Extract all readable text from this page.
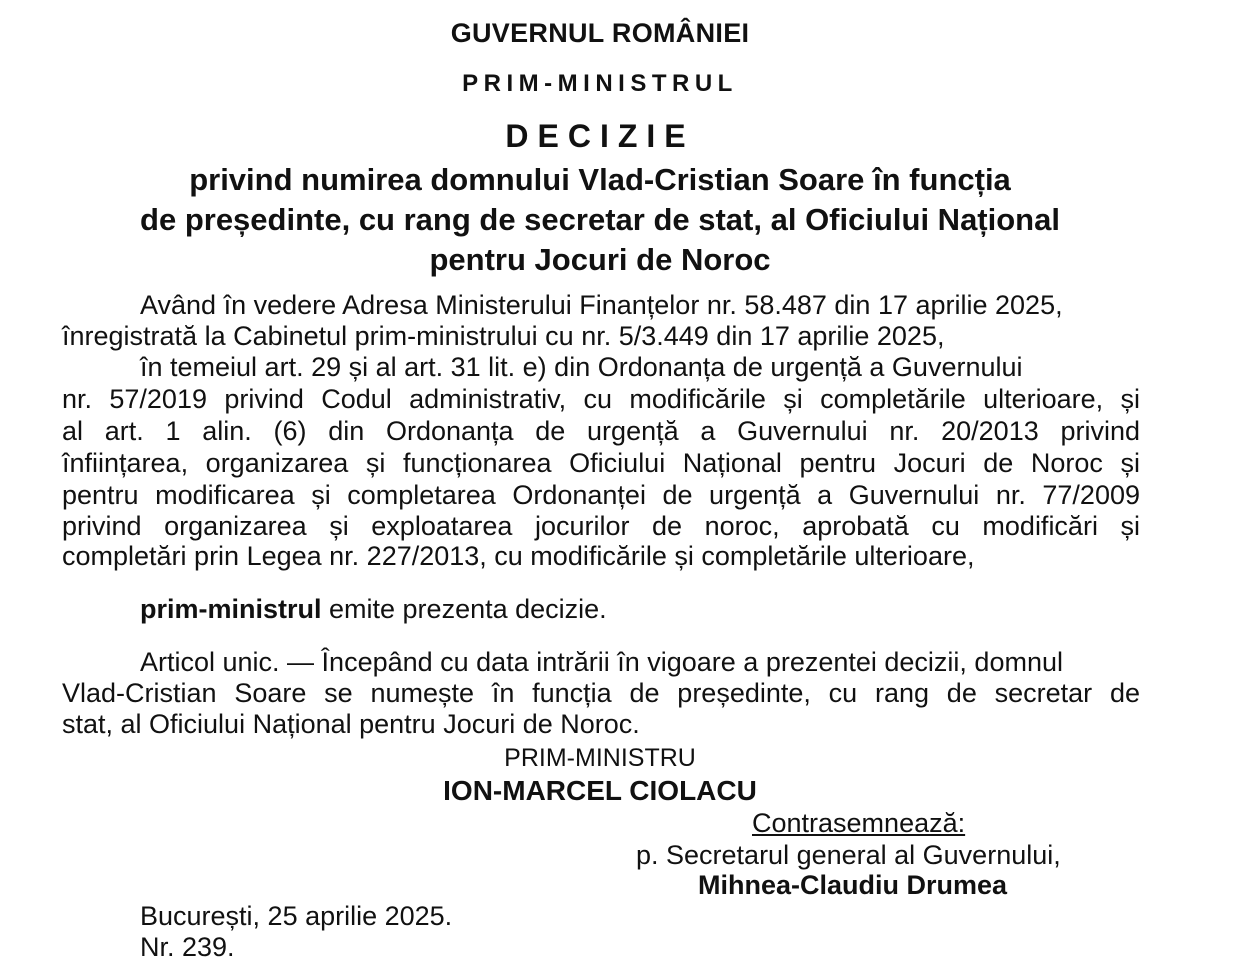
GUVERNUL ROMÂNIEI
PRIM-MINISTRUL
DECIZIE
privind numirea domnului Vlad-Cristian Soare în funcția
de președinte, cu rang de secretar de stat, al Oficiului Național
pentru Jocuri de Noroc
Având în vedere Adresa Ministerului Finanțelor nr. 58.487 din 17 aprilie 2025,
înregistrată la Cabinetul prim-ministrului cu nr. 5/3.449 din 17 aprilie 2025,
în temeiul art. 29 și al art. 31 lit. e) din Ordonanța de urgență a Guvernului
nr. 57/2019 privind Codul administrativ, cu modificările și completările ulterioare, și
al art. 1 alin. (6) din Ordonanța de urgență a Guvernului nr. 20/2013 privind
înființarea, organizarea și funcționarea Oficiului Național pentru Jocuri de Noroc și
pentru modificarea și completarea Ordonanței de urgență a Guvernului nr. 77/2009
privind organizarea și exploatarea jocurilor de noroc, aprobată cu modificări și
completări prin Legea nr. 227/2013, cu modificările și completările ulterioare,
prim-ministrul emite prezenta decizie.
Articol unic. — Începând cu data intrării în vigoare a prezentei decizii, domnul
Vlad-Cristian Soare se numește în funcția de președinte, cu rang de secretar de
stat, al Oficiului Național pentru Jocuri de Noroc.
PRIM-MINISTRU
ION-MARCEL CIOLACU
Contrasemnează:
p. Secretarul general al Guvernului,
Mihnea-Claudiu Drumea
București, 25 aprilie 2025.
Nr. 239.
